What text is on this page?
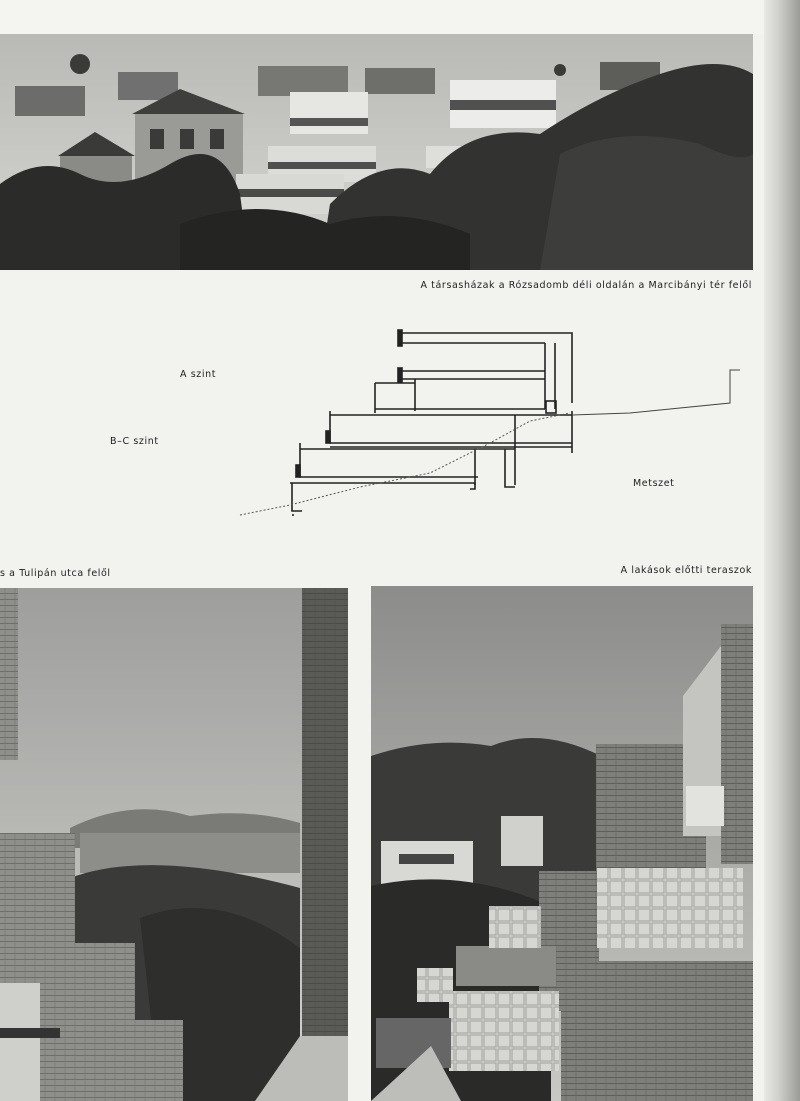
A társasházak a Rózsadomb déli oldalán a Marcibányi tér felől
A szint
B–C szint
Metszet
s a Tulipán utca felől	A lakások előtti teraszok
